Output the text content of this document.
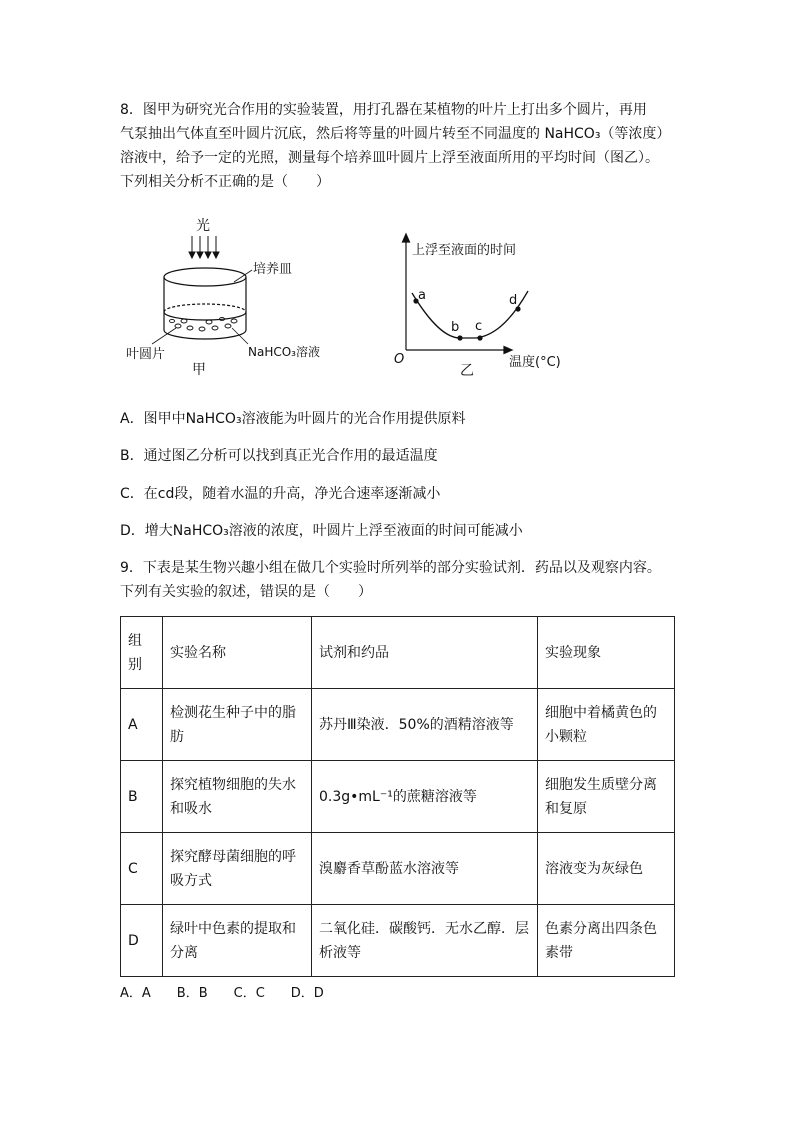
8．图甲为研究光合作用的实验装置，用打孔器在某植物的叶片上打出多个圆片，再用

气泵抽出气体直至叶圆片沉底，然后将等量的叶圆片转至不同温度的 NaHCO₃（等浓度）

溶液中，给予一定的光照，测量每个培养皿叶圆片上浮至液面所用的平均时间（图乙）。

下列相关分析不正确的是（　　）

光
培养皿
叶圆片	NaHCO₃溶液
甲
上浮至液面的时间
温度(°C)
O
a
b c
d
乙
A．图甲中NaHCO₃溶液能为叶圆片的光合作用提供原料
B．通过图乙分析可以找到真正光合作用的最适温度
C．在cd段，随着水温的升高，净光合速率逐渐减小
D．增大NaHCO₃溶液的浓度，叶圆片上浮至液面的时间可能减小

9．下表是某生物兴趣小组在做几个实验时所列举的部分实验试剂．药品以及观察内容。

下列有关实验的叙述，错误的是（　　）

组别	实验名称	试剂和约品	实验现象
A	检测花生种子中的脂肪	苏丹Ⅲ染液．50%的酒精溶液等	细胞中着橘黄色的小颗粒
B	探究植物细胞的失水和吸水	0.3g•mL⁻¹的蔗糖溶液等	细胞发生质壁分离和复原
C	探究酵母菌细胞的呼吸方式	溴麝香草酚蓝水溶液等	溶液变为灰绿色
D	绿叶中色素的提取和分离	二氧化硅．碳酸钙．无水乙醇．层析液等	色素分离出四条色素带
A．A　　B．B　　C．C　　D．D
